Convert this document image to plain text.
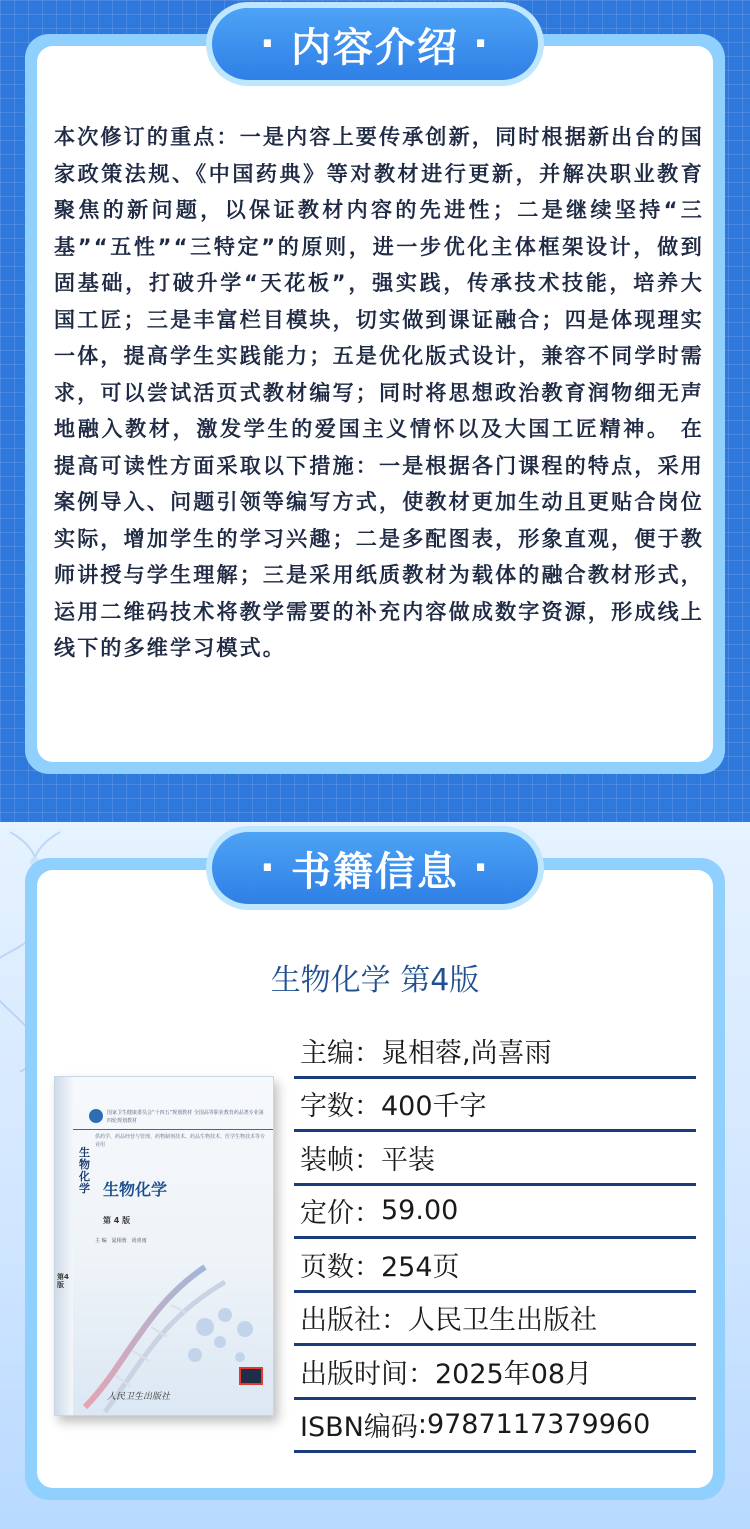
· 内容介绍 ·
本次修订的重点：一是内容上要传承创新，同时根据新出台的国家政策法规、《中国药典》等对教材进行更新，并解决职业教育聚焦的新问题，以保证教材内容的先进性；二是继续坚持“三基”“五性”“三特定”的原则，进一步优化主体框架设计，做到固基础，打破升学“天花板”，强实践，传承技术技能，培养大国工匠；三是丰富栏目模块，切实做到课证融合；四是体现理实一体，提高学生实践能力；五是优化版式设计，兼容不同学时需求，可以尝试活页式教材编写；同时将思想政治教育润物细无声地融入教材，激发学生的爱国主义情怀以及大国工匠精神。 在提高可读性方面采取以下措施：一是根据各门课程的特点，采用案例导入、问题引领等编写方式，使教材更加生动且更贴合岗位实际，增加学生的学习兴趣；二是多配图表，形象直观，便于教师讲授与学生理解；三是采用纸质教材为载体的融合教材形式，运用二维码技术将教学需要的补充内容做成数字资源，形成线上线下的多维学习模式。
· 书籍信息 ·
生物化学 第4版
主编 ： 晁相蓉,尚喜雨
字数 ： 400千字
装帧 ： 平装
定价 ： 59.00
页数 ： 254页
出版社 ： 人民卫生出版社
出版时间 ： 2025年08月
ISBN编码 : 9787117379960
国家卫生健康委员会“十四五”规划教材 全国高等职业教育药品类专业第四轮规划教材
供药学、药品经营与管理、药物制剂技术、药品生物技术、医学生物技术等专业用
生物化学 生物化学
第 4 版
主 编　晁相蓉　尚喜雨
第4版
人民卫生出版社
